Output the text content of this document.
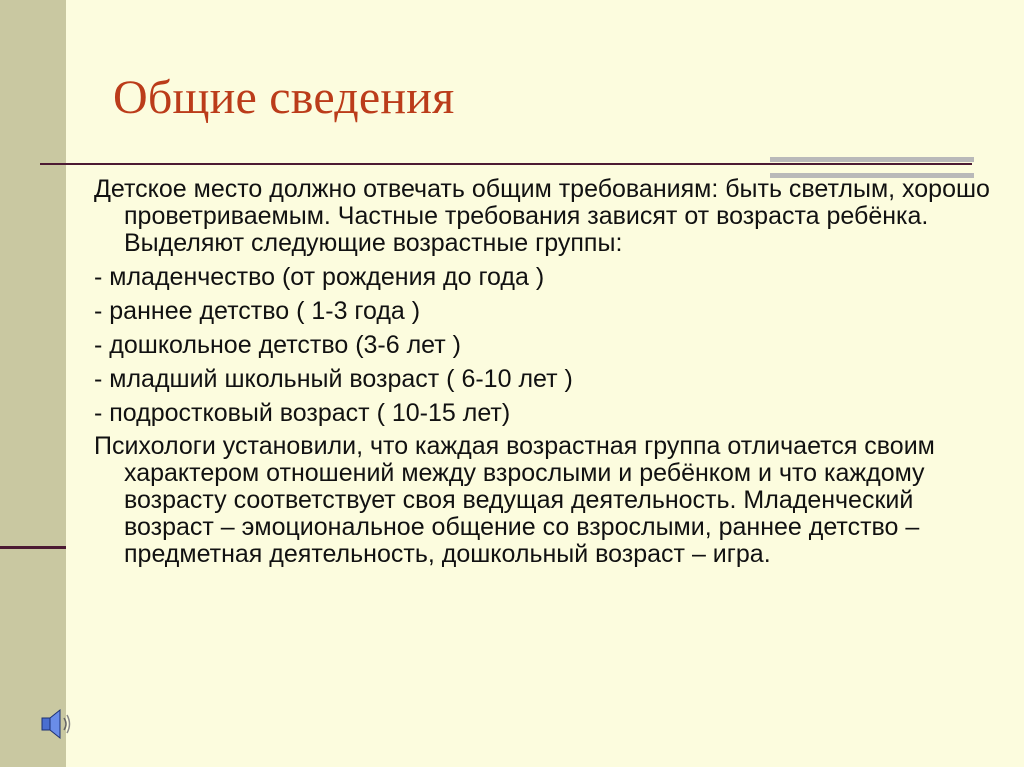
Общие сведения

Детское место должно отвечать общим требованиям: быть светлым, хорошо проветриваемым. Частные требования зависят от возраста ребёнка. Выделяют следующие возрастные группы:

- младенчество (от рождения до года )

- раннее детство ( 1-3 года )

- дошкольное детство (3-6 лет )

- младший школьный возраст ( 6-10 лет )

- подростковый возраст ( 10-15 лет)

Психологи установили, что каждая возрастная группа отличается своим характером отношений между взрослыми и ребёнком и что каждому возрасту соответствует своя ведущая деятельность. Младенческий возраст – эмоциональное общение со взрослыми, раннее детство – предметная деятельность, дошкольный возраст – игра.
